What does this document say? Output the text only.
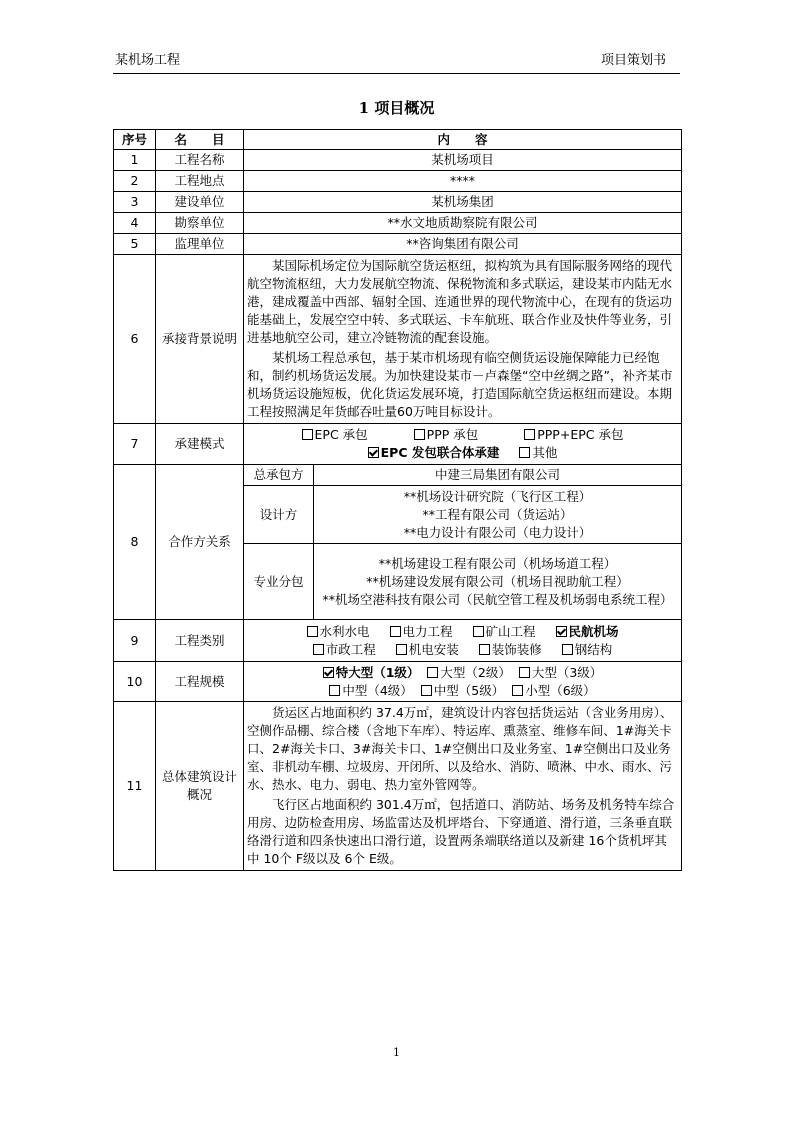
某机场工程	项目策划书
1 项目概况
序号	名　　目	内　　容	
1	工程名称	某机场项目	
2	工程地点	****	
3	建设单位	某机场集团	
4	勘察单位	**水文地质勘察院有限公司	
5	监理单位	**咨询集团有限公司	
6	承接背景说明	某国际机场定位为国际航空货运枢纽，拟构筑为具有国际服务网络的现代航空物流枢纽，大力发展航空物流、保税物流和多式联运，建设某市内陆无水港，建成覆盖中西部、辐射全国、连通世界的现代物流中心，在现有的货运功能基础上，发展空空中转、多式联运、卡车航班、联合作业及快件等业务，引进基地航空公司，建立冷链物流的配套设施。
某机场工程总承包，基于某市机场现有临空侧货运设施保障能力已经饱和，制约机场货运发展。为加快建设某市－卢森堡“空中丝绸之路”，补齐某市机场货运设施短板，优化货运发展环境，打造国际航空货运枢纽而建设。本期工程按照满足年货邮吞吐量60万吨目标设计。	

7	承建模式	EPC 承包 PPP 承包 PPP+EPC 承包
EPC 发包联合体承建 其他	

8	合作方关系	总承包方	中建三局集团有限公司
		设计方	**机场设计研究院（飞行区工程）
**工程有限公司（货运站）
**电力设计有限公司（电力设计）

		专业分包	**机场建设工程有限公司（机场场道工程）
**机场建设发展有限公司（机场目视助航工程）
**机场空港科技有限公司（民航空管工程及机场弱电系统工程）

9	工程类别	水利水电 电力工程 矿山工程 民航机场
市政工程 机电安装 装饰装修 钢结构	

10	工程规模	特大型（1级） 大型（2级） 大型（3级）
中型（4级） 中型（5级） 小型（6级）	

11	总体建筑设计概况	货运区占地面积约 37.4万㎡，建筑设计内容包括货运站（含业务用房）、空侧作品棚、综合楼（含地下车库）、特运库、熏蒸室、维修车间、1#海关卡口、2#海关卡口、3#海关卡口、1#空侧出口及业务室、1#空侧出口及业务室、非机动车棚、垃圾房、开闭所、以及给水、消防、喷淋、中水、雨水、污水、热水、电力、弱电、热力室外管网等。
飞行区占地面积约 301.4万㎡，包括道口、消防站、场务及机务特车综合用房、边防检查用房、场监雷达及机坪塔台、下穿通道、滑行道，三条垂直联络滑行道和四条快速出口滑行道，设置两条端联络道以及新建 16个货机坪其中 10个 F级以及 6个 E级。	
1
